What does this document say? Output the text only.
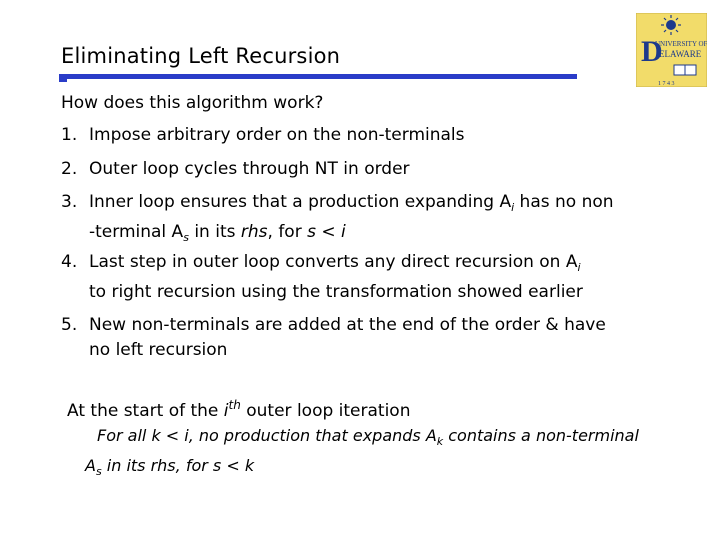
Eliminating Left Recursion	D
UNIVERSITY OF
ELAWARE
1 7 4 3
How does this algorithm work?
1. Impose arbitrary order on the non-terminals
2. Outer loop cycles through NT in order
3. Inner loop ensures that a production expanding $A_i$ has no non
-terminal $A_s$ in its rhs, for s < i
4. Last step in outer loop converts any direct recursion on $A_i$
to right recursion using the transformation showed earlier
5. New non-terminals are added at the end of the order & have
no left recursion
At the start of the $i^{th}$ outer loop iteration
For all k < i, no production that expands $A_k$ contains a non-terminal
$A_s$ in its rhs, for s < k
